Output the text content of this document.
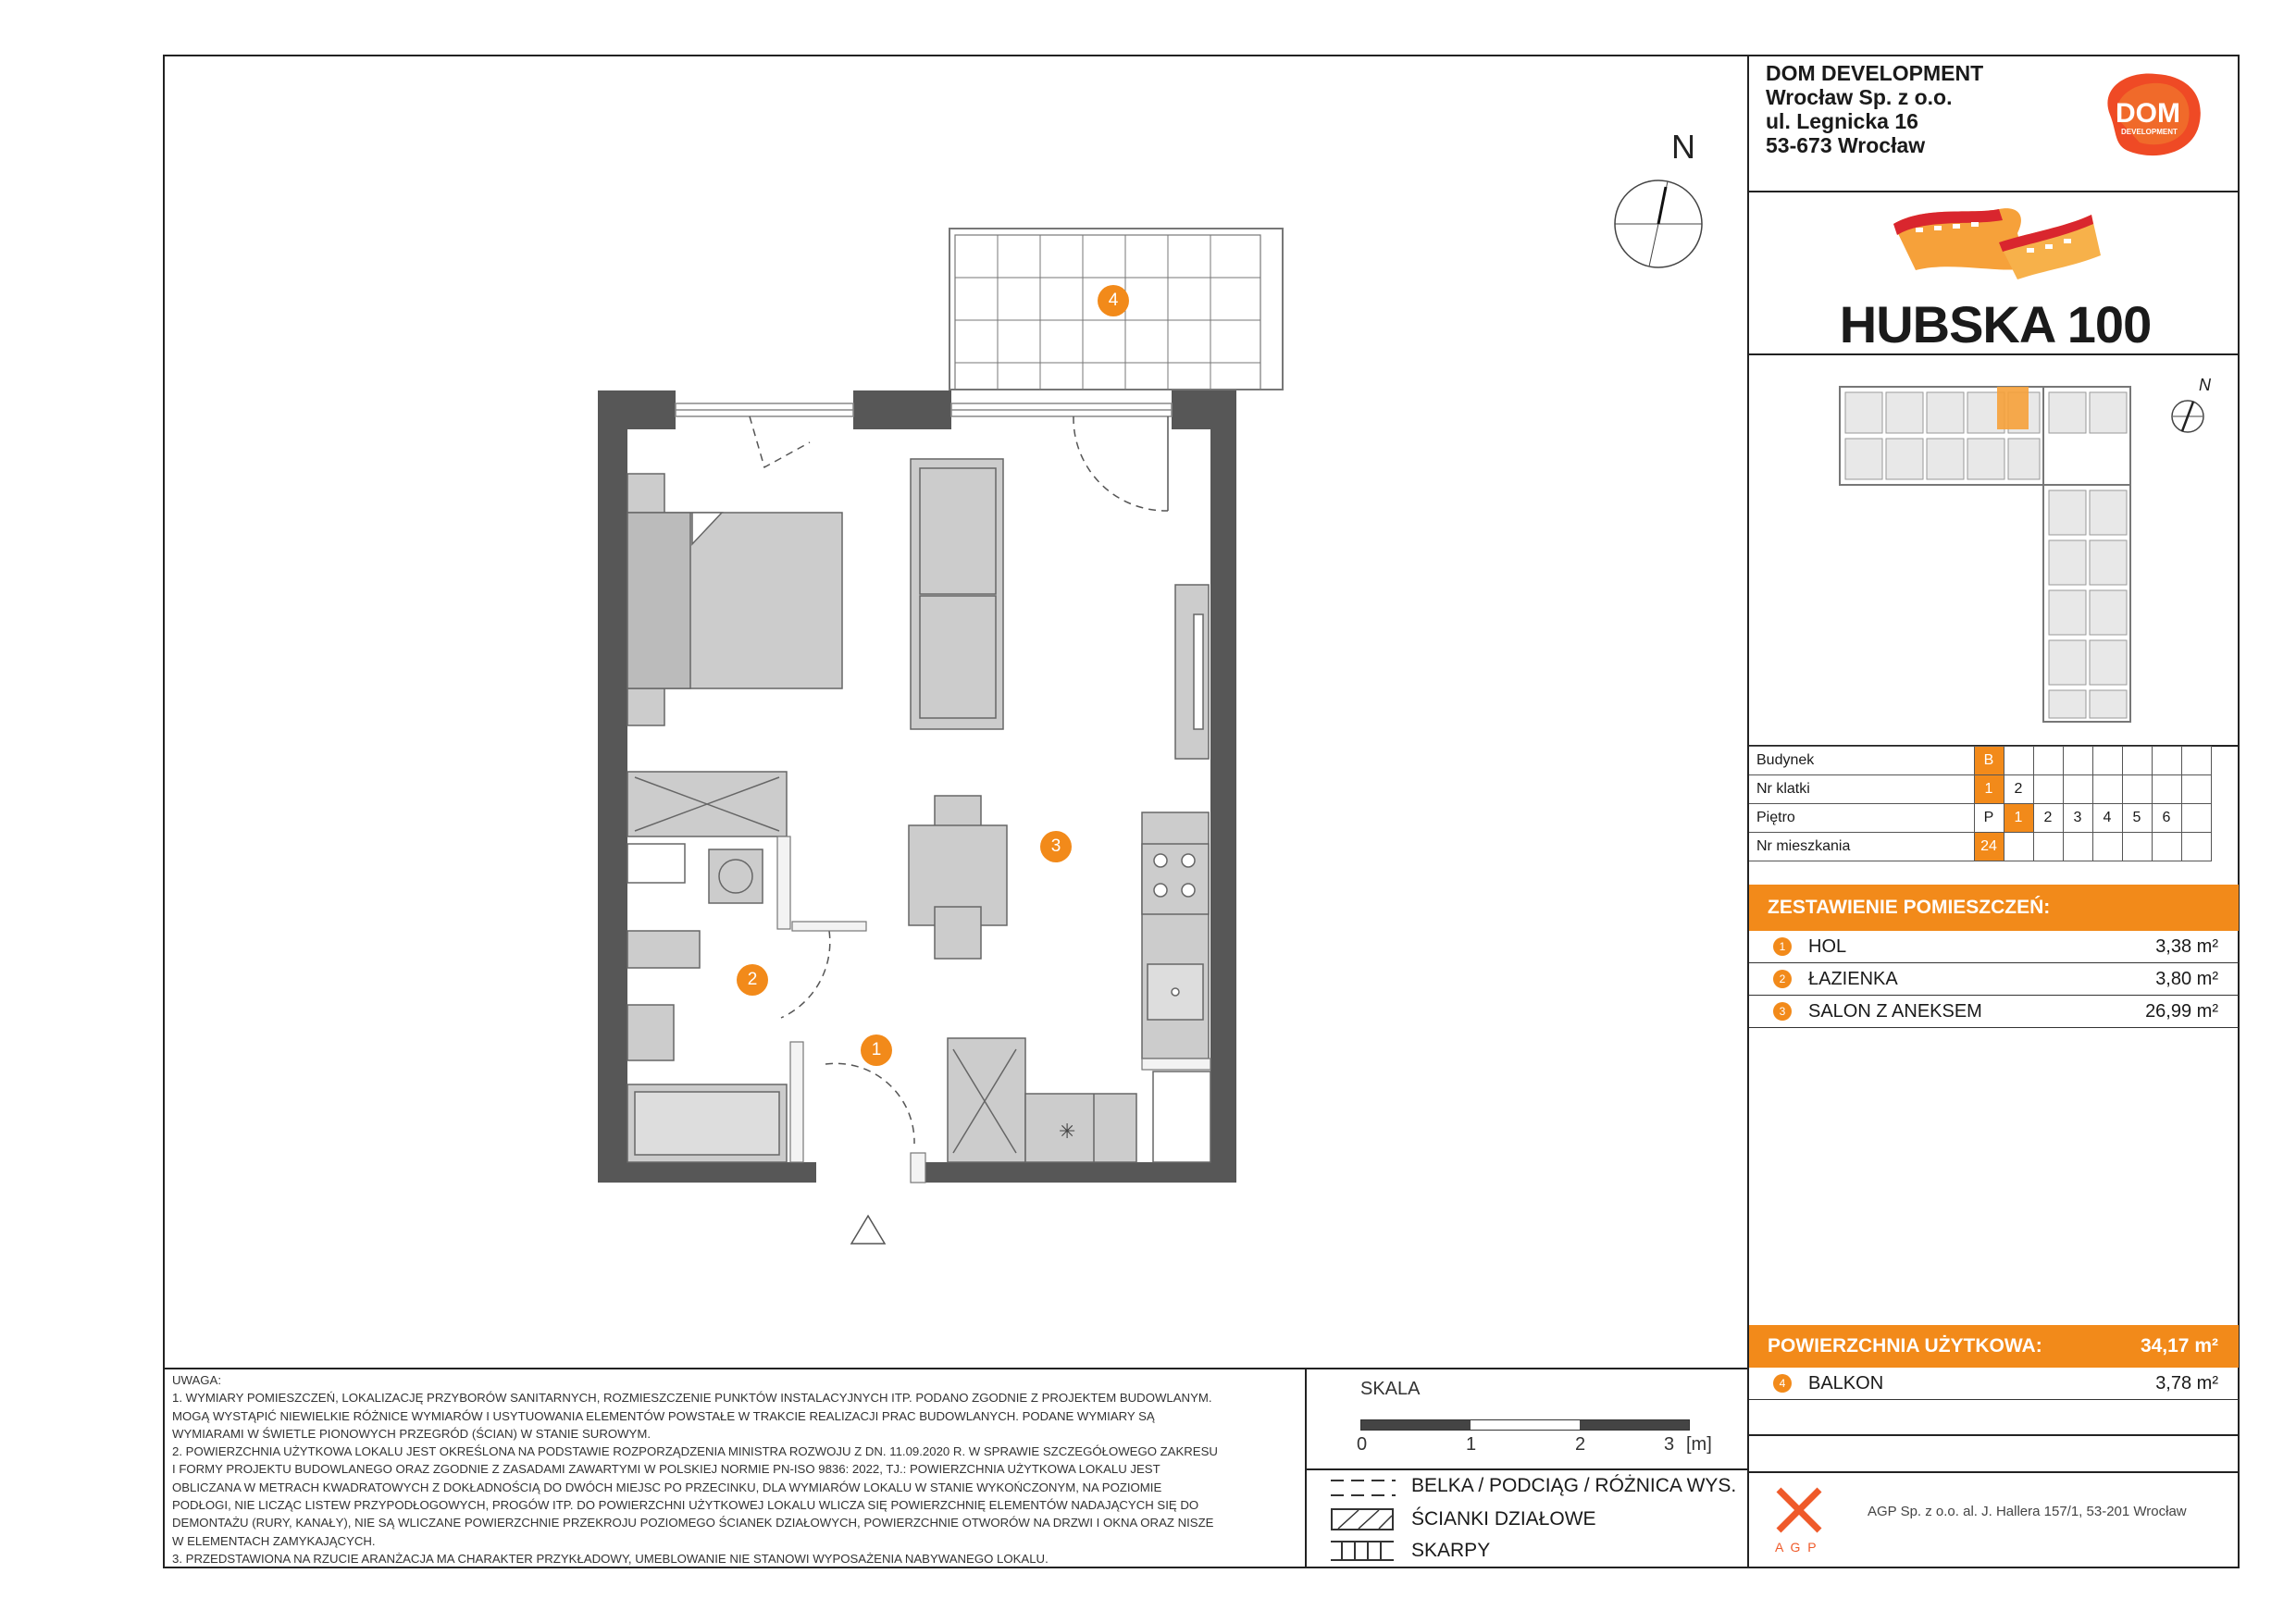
DOM DEVELOPMENT
Wrocław Sp. z o.o.
ul. Legnicka 16
53-673 Wrocław
DOM
DEVELOPMENT
HUBSKA 100
N
Budynek	B							
Nr klatki	1	2						
Piętro	P	1	2	3	4	5	6	
Nr mieszkania	24							
ZESTAWIENIE POMIESZCZEŃ:
1	HOL	3,38 m²
2	ŁAZIENKA	3,80 m²
3	SALON Z ANEKSEM	26,99 m²
POWIERZCHNIA UŻYTKOWA:	34,17 m²
4	BALKON	3,78 m²
A G P
AGP Sp. z o.o. al. J. Hallera 157/1, 53-201 Wrocław

UWAGA:

1. WYMIARY POMIESZCZEŃ, LOKALIZACJĘ PRZYBORÓW SANITARNYCH, ROZMIESZCZENIE PUNKTÓW INSTALACYJNYCH ITP. PODANO ZGODNIE Z PROJEKTEM BUDOWLANYM.

MOGĄ WYSTĄPIĆ NIEWIELKIE RÓŻNICE WYMIARÓW I USYTUOWANIA ELEMENTÓW POWSTAŁE W TRAKCIE REALIZACJI PRAC BUDOWLANYCH. PODANE WYMIARY SĄ

WYMIARAMI W ŚWIETLE PIONOWYCH PRZEGRÓD (ŚCIAN) W STANIE SUROWYM.

2. POWIERZCHNIA UŻYTKOWA LOKALU JEST OKREŚLONA NA PODSTAWIE ROZPORZĄDZENIA MINISTRA ROZWOJU Z DN. 11.09.2020 R. W SPRAWIE SZCZEGÓŁOWEGO ZAKRESU

I FORMY PROJEKTU BUDOWLANEGO ORAZ ZGODNIE Z ZASADAMI ZAWARTYMI W POLSKIEJ NORMIE PN-ISO 9836: 2022, TJ.: POWIERZCHNIA UŻYTKOWA LOKALU JEST

OBLICZANA W METRACH KWADRATOWYCH Z DOKŁADNOŚCIĄ DO DWÓCH MIEJSC PO PRZECINKU, DLA WYMIARÓW LOKALU W STANIE WYKOŃCZONYM, NA POZIOMIE

PODŁOGI, NIE LICZĄC LISTEW PRZYPODŁOGOWYCH, PROGÓW ITP. DO POWIERZCHNI UŻYTKOWEJ LOKALU WLICZA SIĘ POWIERZCHNIĘ ELEMENTÓW NADAJĄCYCH SIĘ DO

DEMONTAŻU (RURY, KANAŁY), NIE SĄ WLICZANE POWIERZCHNIE PRZEKROJU POZIOMEGO ŚCIANEK DZIAŁOWYCH, POWIERZCHNIE OTWORÓW NA DRZWI I OKNA ORAZ NISZE

W ELEMENTACH ZAMYKAJĄCYCH.

3. PRZEDSTAWIONA NA RZUCIE ARANŻACJA MA CHARAKTER PRZYKŁADOWY, UMEBLOWANIE NIE STANOWI WYPOSAŻENIA NABYWANEGO LOKALU.

SKALA
0	1	2	3 [m]
BELKA / PODCIĄG / RÓŻNICA WYS.
ŚCIANKI DZIAŁOWE
SKARPY
N
✳
1
2
3
4
